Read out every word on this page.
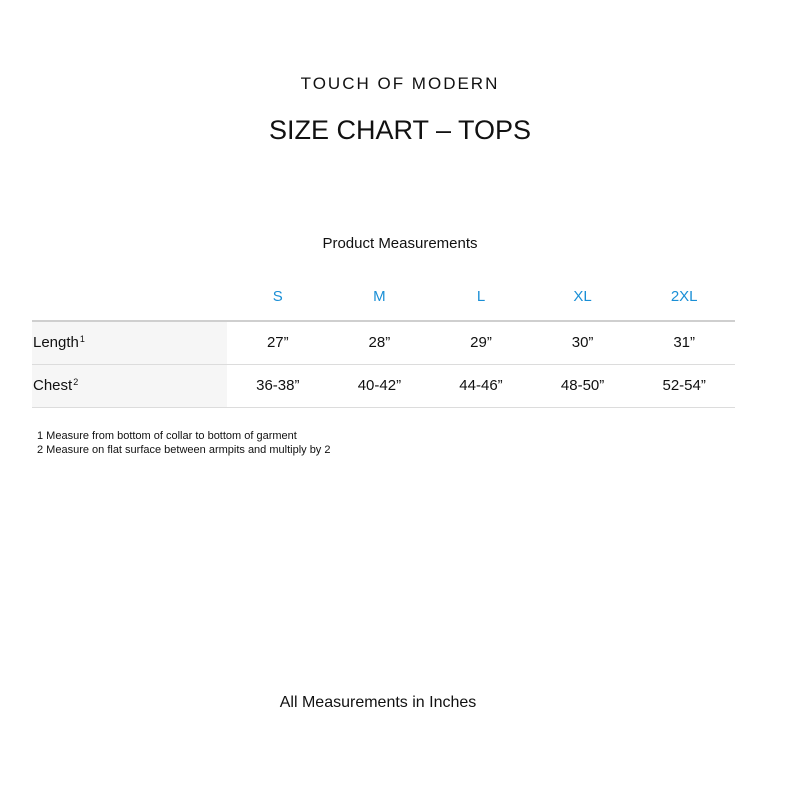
TOUCH OF MODERN
SIZE CHART – TOPS
Product Measurements
	S	M	L	XL	2XL
Length$^1$	27”	28”	29”	30”	31”
Chest$^2$	36-38”	40-42”	44-46”	48-50”	52-54”
1 Measure from bottom of collar to bottom of garment
2 Measure on flat surface between armpits and multiply by 2
All Measurements in Inches
